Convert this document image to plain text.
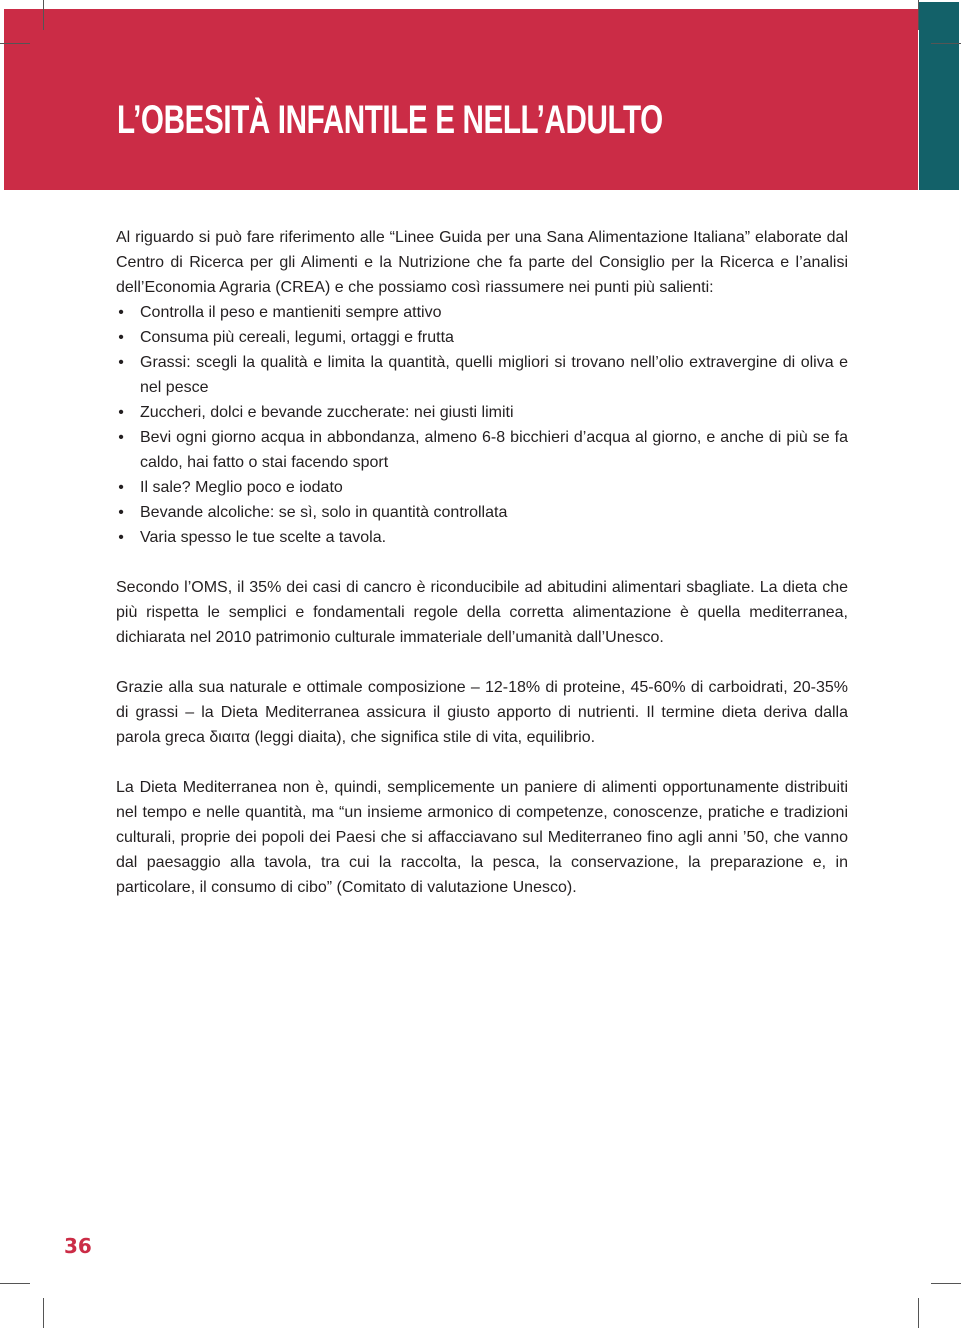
L’OBESITÀ INFANTILE E NELL’ADULTO

Al riguardo si può fare riferimento alle “Linee Guida per una Sana Alimentazione Italiana” elaborate dal Centro di Ricerca per gli Alimenti e la Nutrizione che fa parte del Consiglio per la Ricerca e l’analisi dell’Economia Agraria (CREA) e che possiamo così riassumere nei punti più salienti:

• Controlla il peso e mantieniti sempre attivo
• Consuma più cereali, legumi, ortaggi e frutta
• Grassi: scegli la qualità e limita la quantità, quelli migliori si trovano nell’olio extravergine di oliva e nel pesce
• Zuccheri, dolci e bevande zuccherate: nei giusti limiti
• Bevi ogni giorno acqua in abbondanza, almeno 6-8 bicchieri d’acqua al giorno, e anche di più se fa caldo, hai fatto o stai facendo sport
• Il sale? Meglio poco e iodato
• Bevande alcoliche: se sì, solo in quantità controllata
• Varia spesso le tue scelte a tavola.

Secondo l’OMS, il 35% dei casi di cancro è riconducibile ad abitudini alimentari sbagliate. La dieta che più rispetta le semplici e fondamentali regole della corretta alimentazione è quella mediterranea, dichiarata nel 2010 patrimonio culturale immateriale dell’umanità dall’Unesco.

Grazie alla sua naturale e ottimale composizione – 12-18% di proteine, 45-60% di carboidrati, 20-35% di grassi – la Dieta Mediterranea assicura il giusto apporto di nutrienti. Il termine dieta deriva dalla parola greca διαιτα (leggi diaita), che significa stile di vita, equilibrio.

La Dieta Mediterranea non è, quindi, semplicemente un paniere di alimenti opportunamente distribuiti nel tempo e nelle quantità, ma “un insieme armonico di competenze, conoscenze, pratiche e tradizioni culturali, proprie dei popoli dei Paesi che si affacciavano sul Mediterraneo fino agli anni ’50, che vanno dal paesaggio alla tavola, tra cui la raccolta, la pesca, la conservazione, la preparazione e, in particolare, il consumo di cibo” (Comitato di valutazione Unesco).

36
